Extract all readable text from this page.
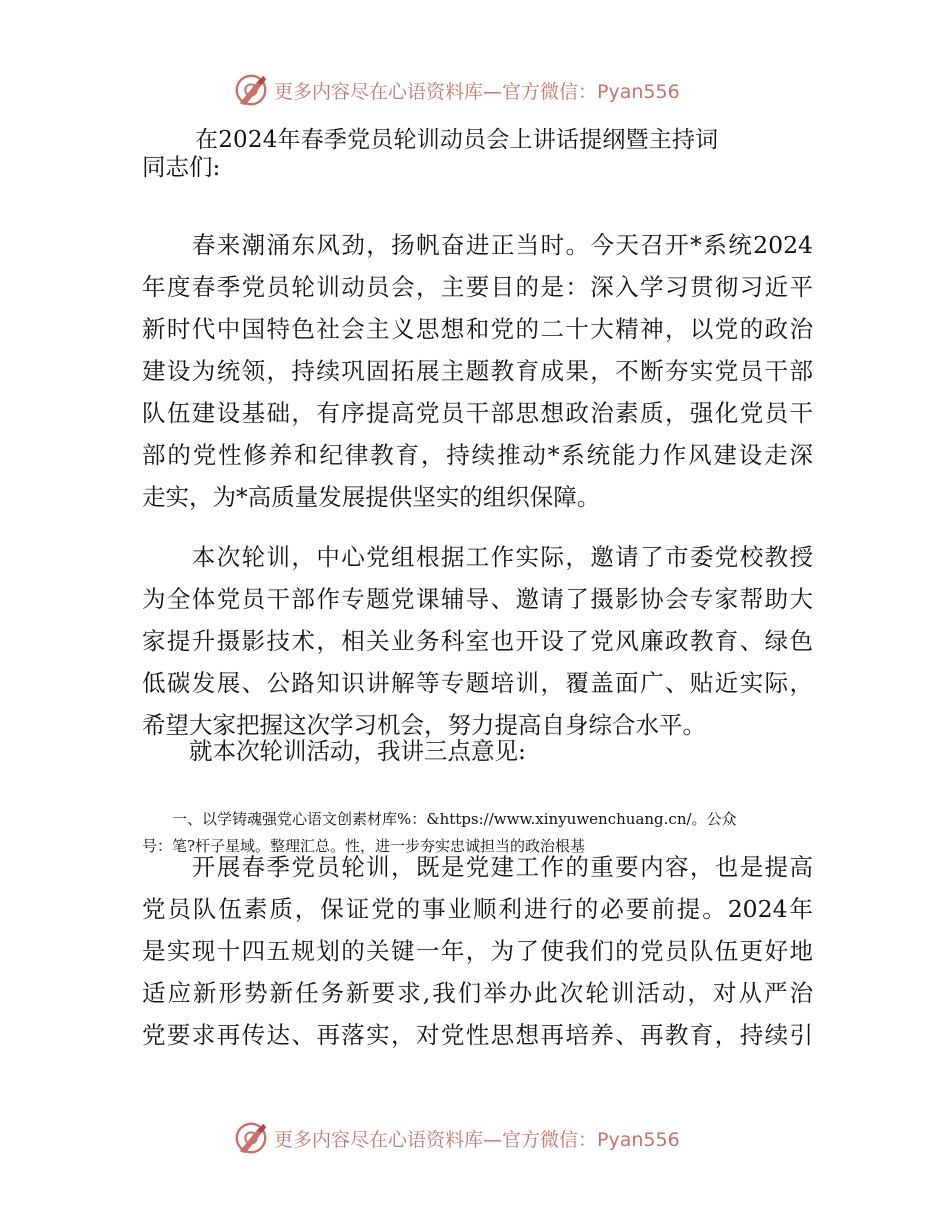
更多内容尽在心语资料库—官方微信：Pyan556
在2024年春季党员轮训动员会上讲话提纲暨主持词

同志们:

　　春来潮涌东风劲，扬帆奋进正当时。今天召开*系统2024
年度春季党员轮训动员会，主要目的是：深入学习贯彻习近平
新时代中国特色社会主义思想和党的二十大精神，以党的政治
建设为统领，持续巩固拓展主题教育成果，不断夯实党员干部
队伍建设基础，有序提高党员干部思想政治素质，强化党员干
部的党性修养和纪律教育，持续推动*系统能力作风建设走深
走实，为*高质量发展提供坚实的组织保障。

　　本次轮训，中心党组根据工作实际，邀请了市委党校教授
为全体党员干部作专题党课辅导、邀请了摄影协会专家帮助大
家提升摄影技术，相关业务科室也开设了党风廉政教育、绿色
低碳发展、公路知识讲解等专题培训，覆盖面广、贴近实际，
希望大家把握这次学习机会，努力提高自身综合水平。

　　就本次轮训活动，我讲三点意见:

　　一、以学铸魂强党心语文创素材库%：&https://www.xinyuwenchuang.cn/。公众
号：笔?杆子星域。整理汇总。性，进一步夯实忠诚担当的政治根基

　　开展春季党员轮训，既是党建工作的重要内容，也是提高
党员队伍素质，保证党的事业顺利进行的必要前提。2024年
是实现十四五规划的关键一年，为了使我们的党员队伍更好地
适应新形势新任务新要求,我们举办此次轮训活动，对从严治
党要求再传达、再落实，对党性思想再培养、再教育，持续引

更多内容尽在心语资料库—官方微信：Pyan556
